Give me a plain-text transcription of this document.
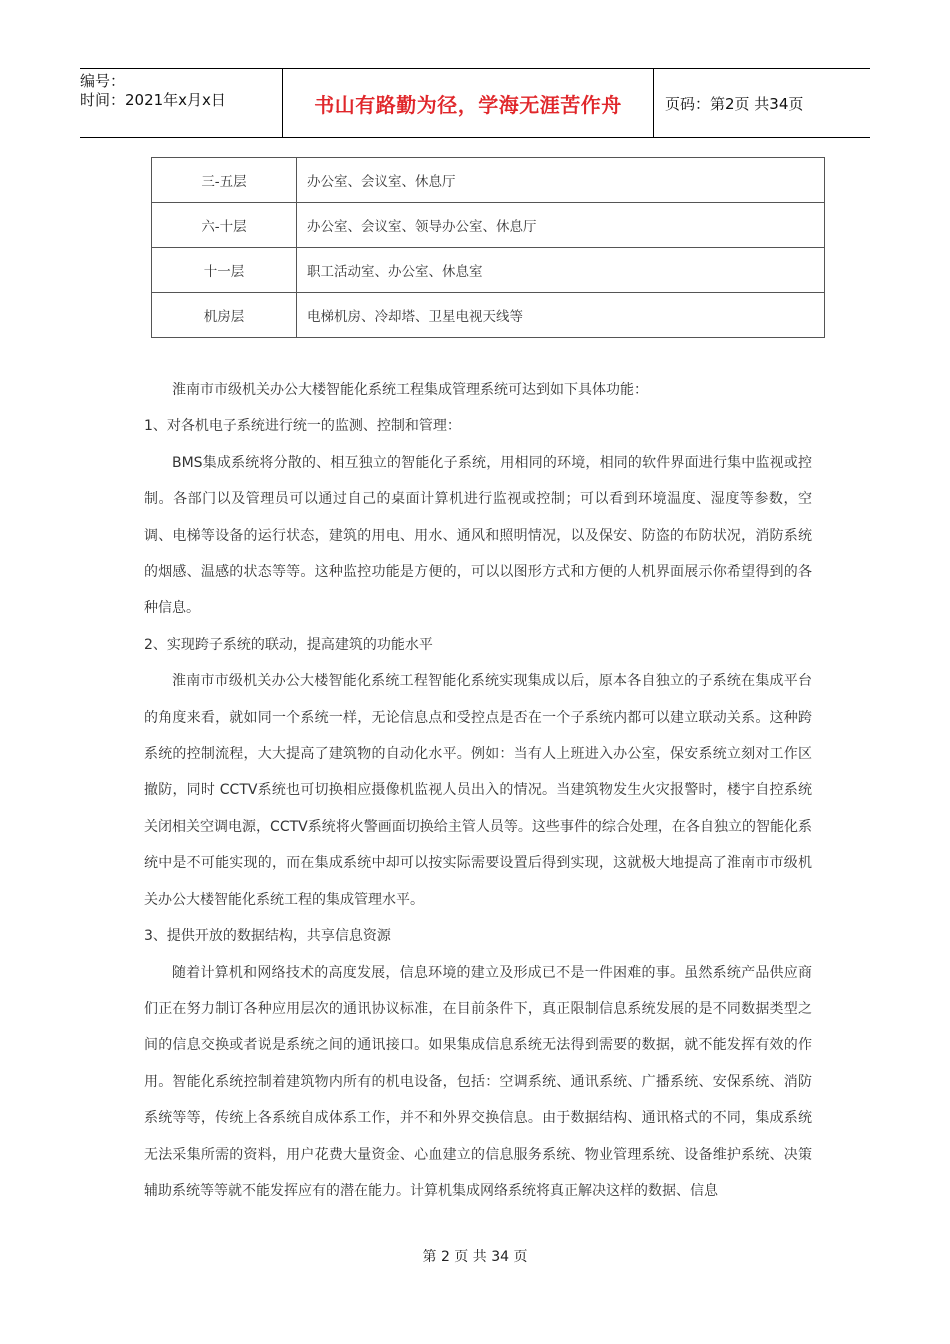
编号：
时间：2021年x月x日	书山有路勤为径，学海无涯苦作舟	页码：第2页 共34页
三-五层	办公室、会议室、休息厅
六-十层	办公室、会议室、领导办公室、休息厅
十一层	职工活动室、办公室、休息室
机房层	电梯机房、冷却塔、卫星电视天线等

淮南市市级机关办公大楼智能化系统工程集成管理系统可达到如下具体功能：

1、对各机电子系统进行统一的监测、控制和管理：

BMS集成系统将分散的、相互独立的智能化子系统，用相同的环境，相同的软件界面进行集中监视或控制。各部门以及管理员可以通过自己的桌面计算机进行监视或控制；可以看到环境温度、湿度等参数，空调、电梯等设备的运行状态，建筑的用电、用水、通风和照明情况，以及保安、防盗的布防状况，消防系统的烟感、温感的状态等等。这种监控功能是方便的，可以以图形方式和方便的人机界面展示你希望得到的各种信息。

2、实现跨子系统的联动，提高建筑的功能水平

淮南市市级机关办公大楼智能化系统工程智能化系统实现集成以后，原本各自独立的子系统在集成平台的角度来看，就如同一个系统一样，无论信息点和受控点是否在一个子系统内都可以建立联动关系。这种跨系统的控制流程，大大提高了建筑物的自动化水平。例如：当有人上班进入办公室，保安系统立刻对工作区撤防，同时 CCTV系统也可切换相应摄像机监视人员出入的情况。当建筑物发生火灾报警时，楼宇自控系统关闭相关空调电源，CCTV系统将火警画面切换给主管人员等。这些事件的综合处理，在各自独立的智能化系统中是不可能实现的，而在集成系统中却可以按实际需要设置后得到实现，这就极大地提高了淮南市市级机关办公大楼智能化系统工程的集成管理水平。

3、提供开放的数据结构，共享信息资源

随着计算机和网络技术的高度发展，信息环境的建立及形成已不是一件困难的事。虽然系统产品供应商们正在努力制订各种应用层次的通讯协议标准，在目前条件下，真正限制信息系统发展的是不同数据类型之间的信息交换或者说是系统之间的通讯接口。如果集成信息系统无法得到需要的数据，就不能发挥有效的作用。智能化系统控制着建筑物内所有的机电设备，包括：空调系统、通讯系统、广播系统、安保系统、消防系统等等，传统上各系统自成体系工作，并不和外界交换信息。由于数据结构、通讯格式的不同，集成系统无法采集所需的资料，用户花费大量资金、心血建立的信息服务系统、物业管理系统、设备维护系统、决策辅助系统等等就不能发挥应有的潜在能力。计算机集成网络系统将真正解决这样的数据、信息

第 2 页 共 34 页
